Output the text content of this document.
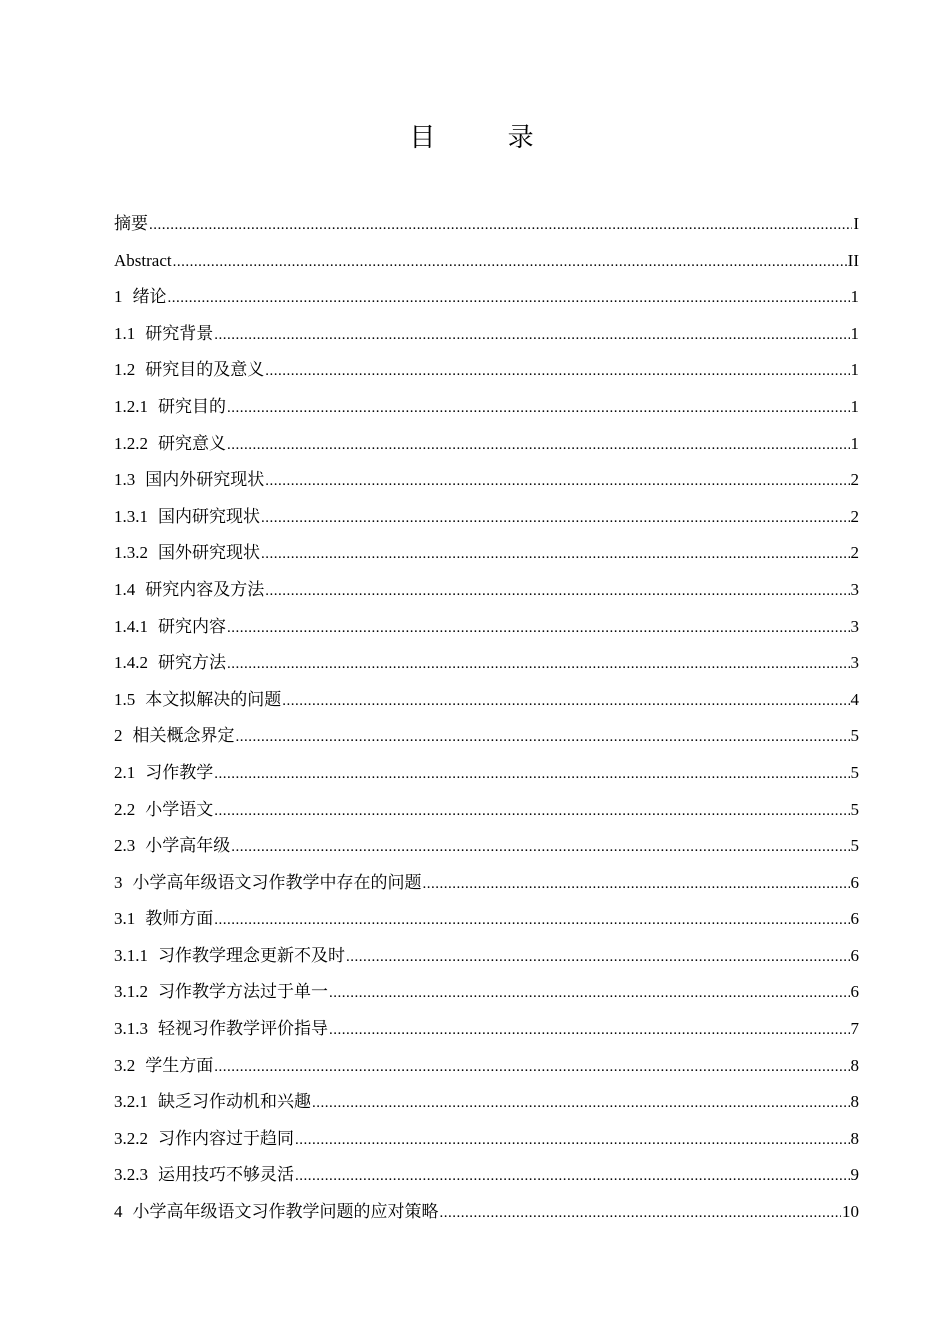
目 录
摘要 .....	I
Abstract .....	II
1 绪论 .....	1
1.1 研究背景 .....	1
1.2 研究目的及意义 .....	1
1.2.1 研究目的 .....	1
1.2.2 研究意义 .....	1
1.3 国内外研究现状 .....	2
1.3.1 国内研究现状 .....	2
1.3.2 国外研究现状 .....	2
1.4 研究内容及方法 .....	3
1.4.1 研究内容 .....	3
1.4.2 研究方法 .....	3
1.5 本文拟解决的问题 .....	4
2 相关概念界定 .....	5
2.1 习作教学 .....	5
2.2 小学语文 .....	5
2.3 小学高年级 .....	5
3 小学高年级语文习作教学中存在的问题 .....	6
3.1 教师方面 .....	6
3.1.1 习作教学理念更新不及时 .....	6
3.1.2 习作教学方法过于单一 .....	6
3.1.3 轻视习作教学评价指导 .....	7
3.2 学生方面 .....	8
3.2.1 缺乏习作动机和兴趣 .....	8
3.2.2 习作内容过于趋同 .....	8
3.2.3 运用技巧不够灵活 .....	9
4 小学高年级语文习作教学问题的应对策略 .....	10
